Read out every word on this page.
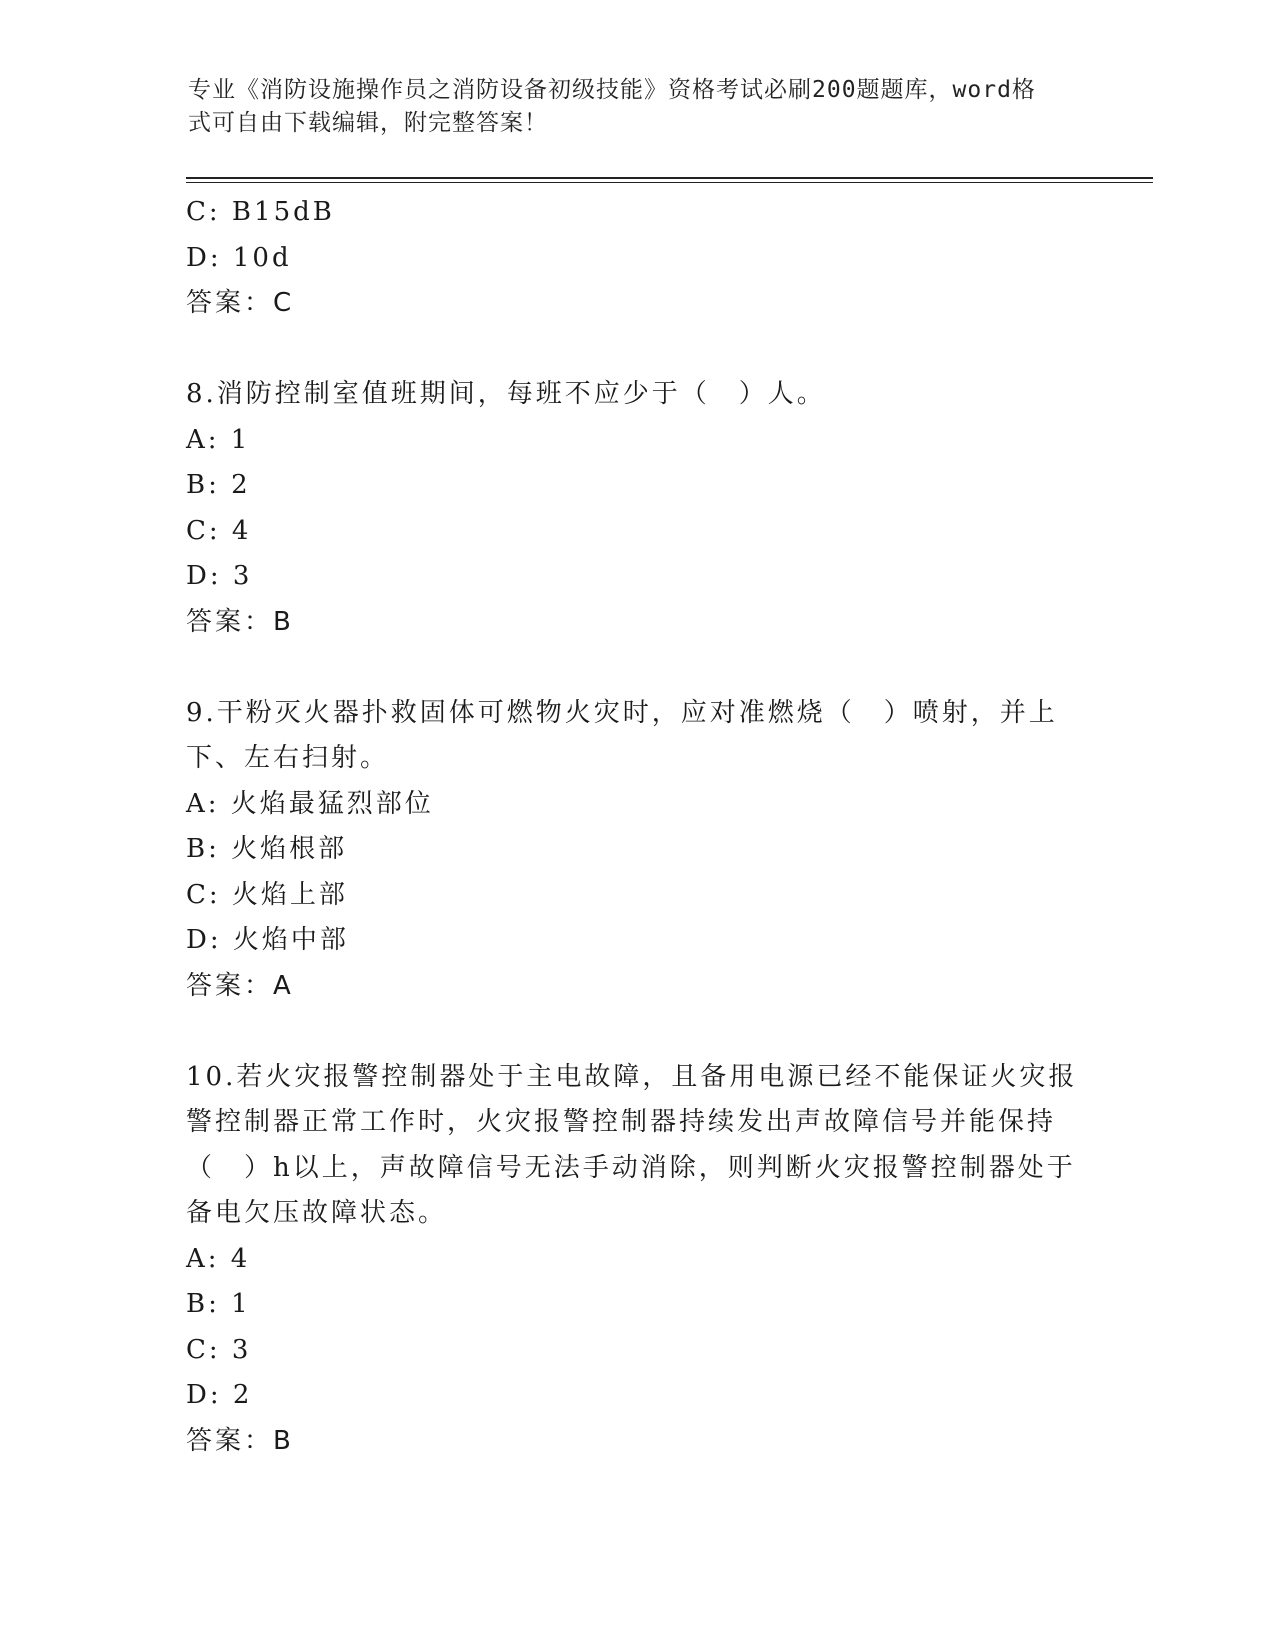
专业《消防设施操作员之消防设备初级技能》资格考试必刷200题题库，word格
式可自由下载编辑，附完整答案！
C: B15dB
D: 10d
答案：C
8.消防控制室值班期间，每班不应少于（　）人。
A: 1
B: 2
C: 4
D: 3
答案：B
9.干粉灭火器扑救固体可燃物火灾时，应对准燃烧（　）喷射，并上
下、左右扫射。
A: 火焰最猛烈部位
B: 火焰根部
C: 火焰上部
D: 火焰中部
答案：A
10.若火灾报警控制器处于主电故障，且备用电源已经不能保证火灾报
警控制器正常工作时，火灾报警控制器持续发出声故障信号并能保持
（　）h以上，声故障信号无法手动消除，则判断火灾报警控制器处于
备电欠压故障状态。
A: 4
B: 1
C: 3
D: 2
答案：B
